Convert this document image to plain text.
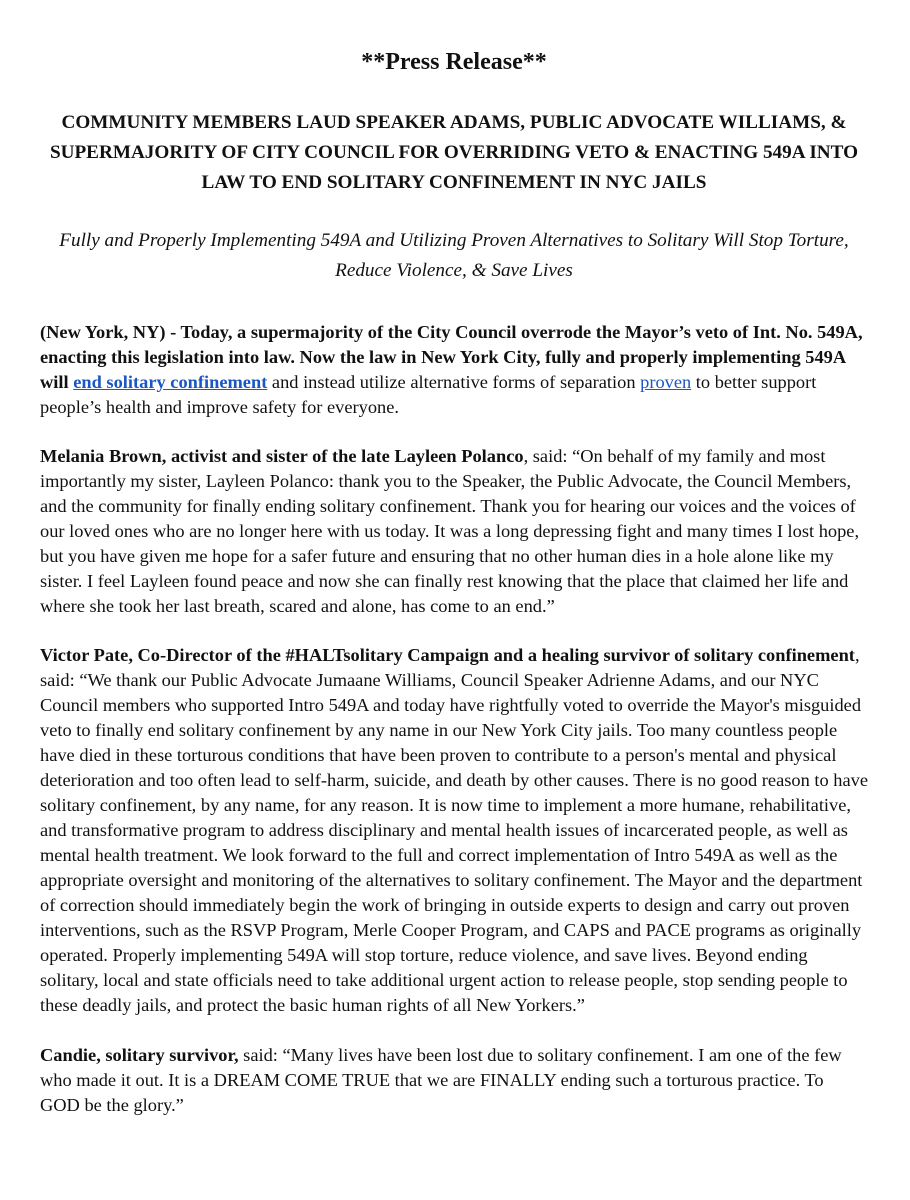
**Press Release**
COMMUNITY MEMBERS LAUD SPEAKER ADAMS, PUBLIC ADVOCATE WILLIAMS, & SUPERMAJORITY OF CITY COUNCIL FOR OVERRIDING VETO & ENACTING 549A INTO LAW TO END SOLITARY CONFINEMENT IN NYC JAILS

Fully and Properly Implementing 549A and Utilizing Proven Alternatives to Solitary Will Stop Torture, Reduce Violence, & Save Lives

(New York, NY) - Today, a supermajority of the City Council overrode the Mayor’s veto of Int. No. 549A, enacting this legislation into law. Now the law in New York City, fully and properly implementing 549A will end solitary confinement and instead utilize alternative forms of separation proven to better support people’s health and improve safety for everyone.

Melania Brown, activist and sister of the late Layleen Polanco, said: “On behalf of my family and most importantly my sister, Layleen Polanco: thank you to the Speaker, the Public Advocate, the Council Members, and the community for finally ending solitary confinement. Thank you for hearing our voices and the voices of our loved ones who are no longer here with us today. It was a long depressing fight and many times I lost hope, but you have given me hope for a safer future and ensuring that no other human dies in a hole alone like my sister. I feel Layleen found peace and now she can finally rest knowing that the place that claimed her life and where she took her last breath, scared and alone, has come to an end.”

Victor Pate, Co-Director of the #HALTsolitary Campaign and a healing survivor of solitary confinement, said: “We thank our Public Advocate Jumaane Williams, Council Speaker Adrienne Adams, and our NYC Council members who supported Intro 549A and today have rightfully voted to override the Mayor's misguided veto to finally end solitary confinement by any name in our New York City jails. Too many countless people have died in these torturous conditions that have been proven to contribute to a person's mental and physical deterioration and too often lead to self-harm, suicide, and death by other causes. There is no good reason to have solitary confinement, by any name, for any reason. It is now time to implement a more humane, rehabilitative, and transformative program to address disciplinary and mental health issues of incarcerated people, as well as mental health treatment. We look forward to the full and correct implementation of Intro 549A as well as the appropriate oversight and monitoring of the alternatives to solitary confinement. The Mayor and the department of correction should immediately begin the work of bringing in outside experts to design and carry out proven interventions, such as the RSVP Program, Merle Cooper Program, and CAPS and PACE programs as originally operated. Properly implementing 549A will stop torture, reduce violence, and save lives. Beyond ending solitary, local and state officials need to take additional urgent action to release people, stop sending people to these deadly jails, and protect the basic human rights of all New Yorkers.”

Candie, solitary survivor, said: “Many lives have been lost due to solitary confinement. I am one of the few who made it out. It is a DREAM COME TRUE that we are FINALLY ending such a torturous practice. To GOD be the glory.”
